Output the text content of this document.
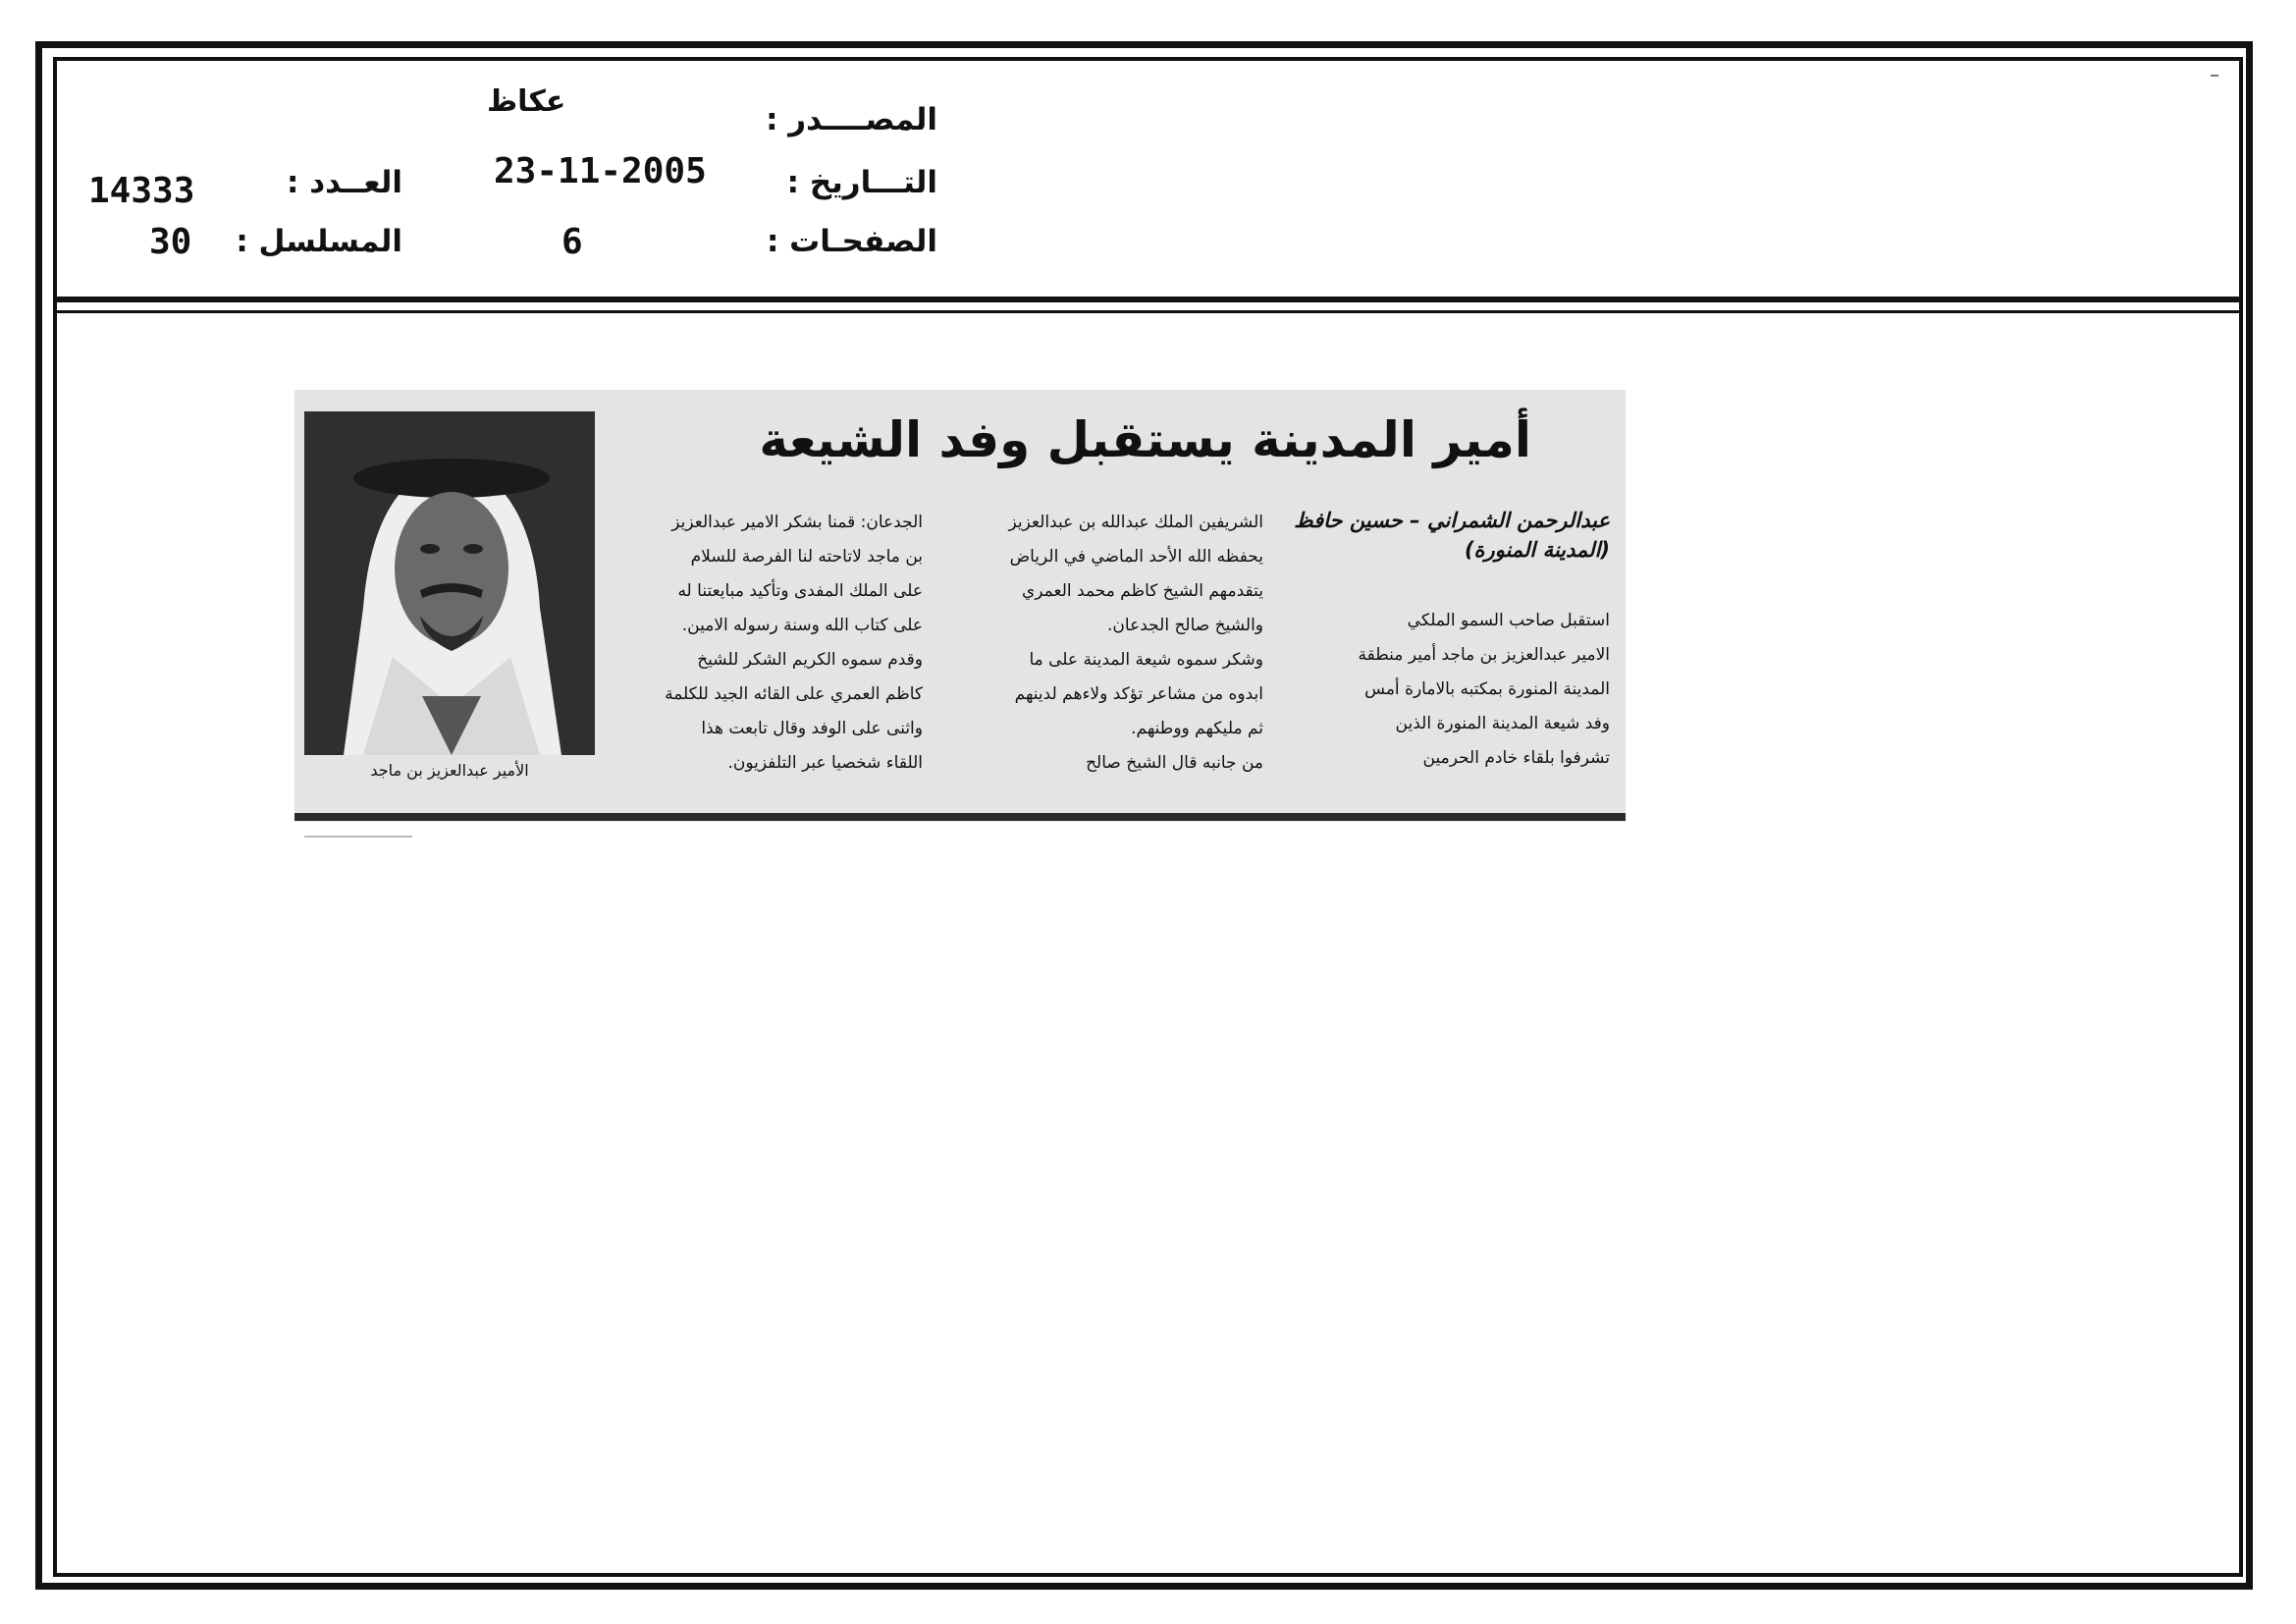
المصــــدر :
عكاظ
التـــاريخ :
23-11-2005
الصفحـات :
6
العــدد :
14333
المسلسل :
30
الأمير عبدالعزيز بن ماجد
أمير المدينة يستقبل وفد الشيعة
عبدالرحمن الشمراني – حسين حافظ
(المدينة المنورة)
استقبل صاحب السمو الملكي
الامير عبدالعزيز بن ماجد أمير منطقة
المدينة المنورة بمكتبه بالامارة أمس
وفد شيعة المدينة المنورة الذين
تشرفوا بلقاء خادم الحرمين
الشريفين الملك عبدالله بن عبدالعزيز
يحفظه الله الأحد الماضي في الرياض
يتقدمهم الشيخ كاظم محمد العمري
والشيخ صالح الجدعان.
وشكر سموه شيعة المدينة على ما
ابدوه من مشاعر تؤكد ولاءهم لدينهم
ثم مليكهم ووطنهم.
من جانبه قال الشيخ صالح
الجدعان: قمنا بشكر الامير عبدالعزيز
بن ماجد لاتاحته لنا الفرصة للسلام
على الملك المفدى وتأكيد مبايعتنا له
على كتاب الله وسنة رسوله الامين.
وقدم سموه الكريم الشكر للشيخ
كاظم العمري على القائه الجيد للكلمة
واثنى على الوفد وقال تابعت هذا
اللقاء شخصيا عبر التلفزيون.
